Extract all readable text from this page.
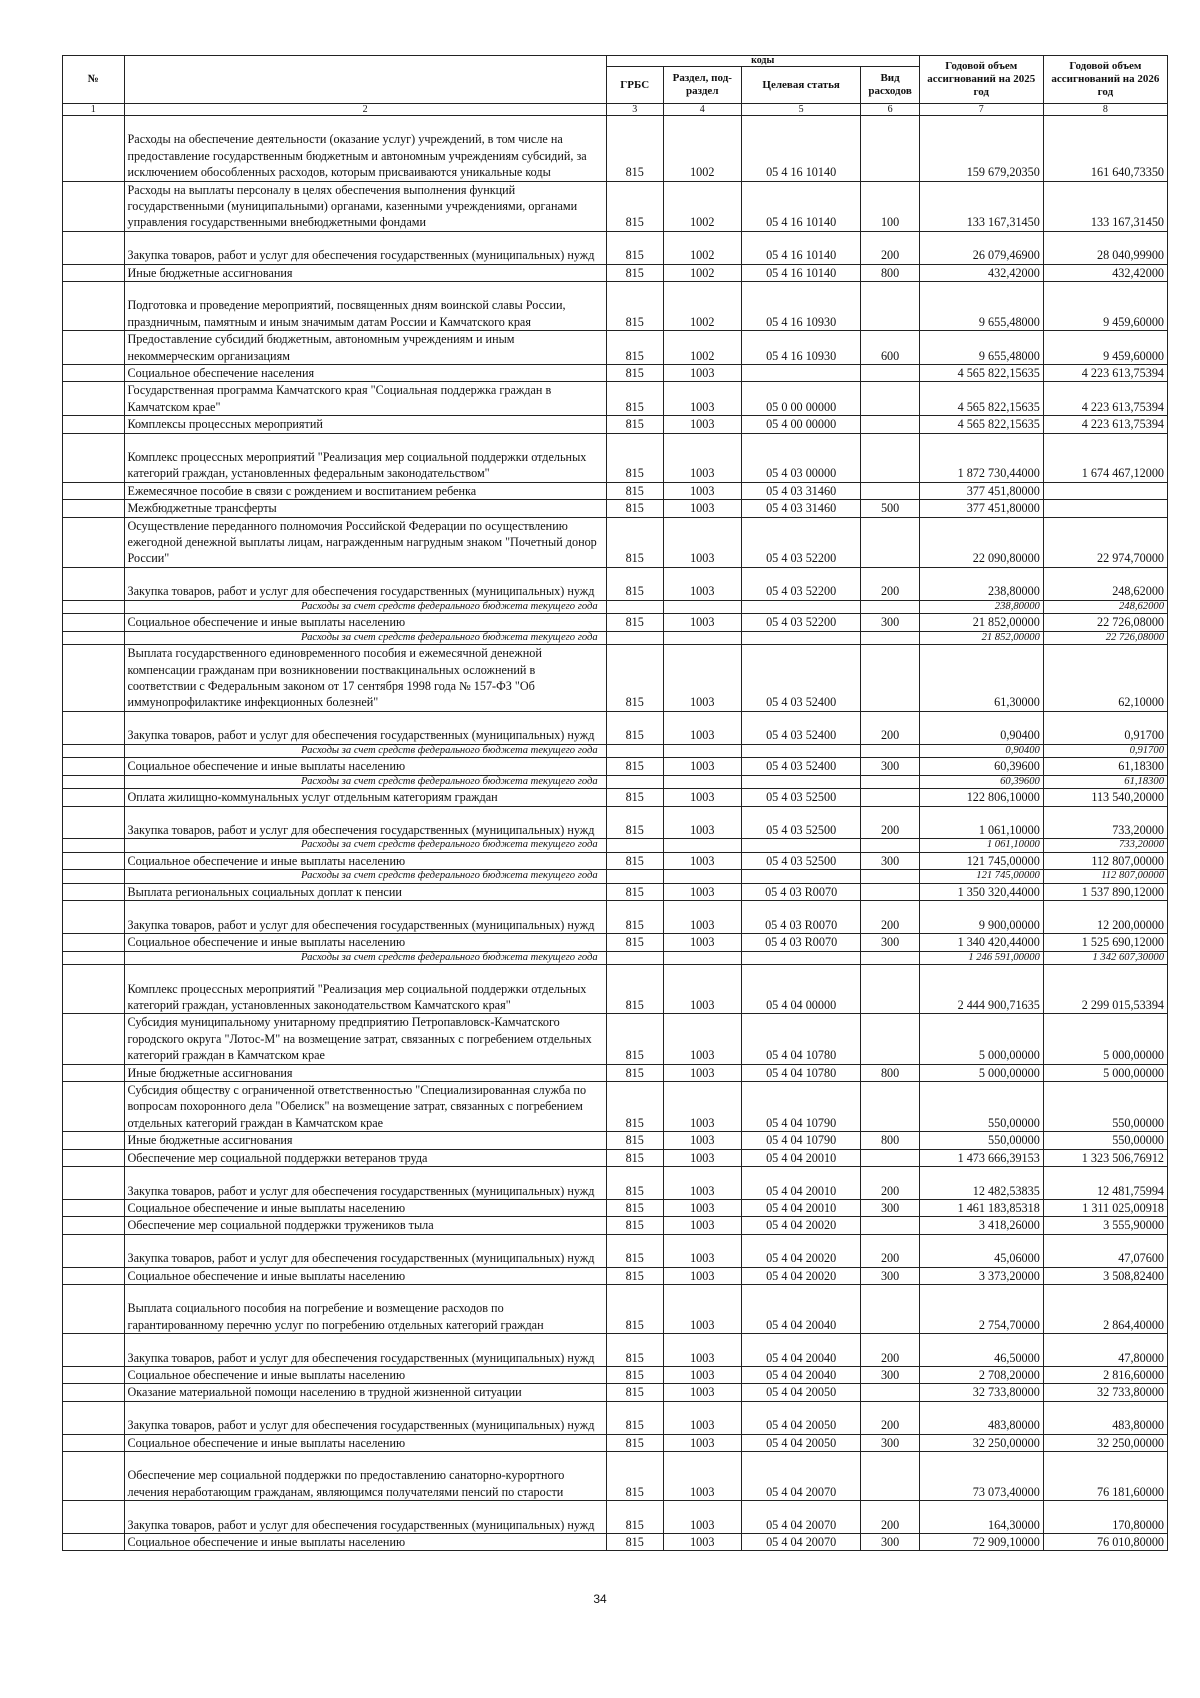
№		коды				Годовой объем ассигнований на 2025 год	Годовой объем ассигнований на 2026 год
		ГРБС	Раздел, под-раздел	Целевая статья	Вид расходов		
1	2	3	4	5	6	7	8
	Расходы на обеспечение деятельности (оказание услуг) учреждений, в том числе на предоставление государственным бюджетным и автономным учреждениям субсидий, за исключением обособленных расходов, которым присваиваются уникальные коды	815	1002	05 4 16 10140		159 679,20350	161 640,73350
	Расходы на выплаты персоналу в целях обеспечения выполнения функций государственными (муниципальными) органами, казенными учреждениями, органами управления государственными внебюджетными фондами	815	1002	05 4 16 10140	100	133 167,31450	133 167,31450
	Закупка товаров, работ и услуг для обеспечения государственных (муниципальных) нужд	815	1002	05 4 16 10140	200	26 079,46900	28 040,99900
	Иные бюджетные ассигнования	815	1002	05 4 16 10140	800	432,42000	432,42000
	Подготовка и проведение мероприятий, посвященных дням воинской славы России, праздничным, памятным и иным значимым датам России и Камчатского края	815	1002	05 4 16 10930		9 655,48000	9 459,60000
	Предоставление субсидий бюджетным, автономным учреждениям и иным некоммерческим организациям	815	1002	05 4 16 10930	600	9 655,48000	9 459,60000
	Социальное обеспечение населения	815	1003			4 565 822,15635	4 223 613,75394
	Государственная программа Камчатского края "Социальная поддержка граждан в Камчатском крае"	815	1003	05 0 00 00000		4 565 822,15635	4 223 613,75394
	Комплексы процессных мероприятий	815	1003	05 4 00 00000		4 565 822,15635	4 223 613,75394
	Комплекс процессных мероприятий "Реализация мер социальной поддержки отдельных категорий граждан, установленных федеральным законодательством"	815	1003	05 4 03 00000		1 872 730,44000	1 674 467,12000
	Ежемесячное пособие в связи с рождением и воспитанием ребенка	815	1003	05 4 03 31460		377 451,80000	
	Межбюджетные трансферты	815	1003	05 4 03 31460	500	377 451,80000	
	Осуществление переданного полномочия Российской Федерации по осуществлению ежегодной денежной выплаты лицам, награжденным нагрудным знаком "Почетный донор России"	815	1003	05 4 03 52200		22 090,80000	22 974,70000
	Закупка товаров, работ и услуг для обеспечения государственных (муниципальных) нужд	815	1003	05 4 03 52200	200	238,80000	248,62000
	Расходы за счет средств федерального бюджета текущего года					238,80000	248,62000
	Социальное обеспечение и иные выплаты населению	815	1003	05 4 03 52200	300	21 852,00000	22 726,08000
	Расходы за счет средств федерального бюджета текущего года					21 852,00000	22 726,08000
	Выплата государственного единовременного пособия и ежемесячной денежной компенсации гражданам при возникновении поствакцинальных осложнений в соответствии с Федеральным законом от 17 сентября 1998 года № 157-ФЗ "Об иммунопрофилактике инфекционных болезней"	815	1003	05 4 03 52400		61,30000	62,10000
	Закупка товаров, работ и услуг для обеспечения государственных (муниципальных) нужд	815	1003	05 4 03 52400	200	0,90400	0,91700
	Расходы за счет средств федерального бюджета текущего года					0,90400	0,91700
	Социальное обеспечение и иные выплаты населению	815	1003	05 4 03 52400	300	60,39600	61,18300
	Расходы за счет средств федерального бюджета текущего года					60,39600	61,18300
	Оплата жилищно-коммунальных услуг отдельным категориям граждан	815	1003	05 4 03 52500		122 806,10000	113 540,20000
	Закупка товаров, работ и услуг для обеспечения государственных (муниципальных) нужд	815	1003	05 4 03 52500	200	1 061,10000	733,20000
	Расходы за счет средств федерального бюджета текущего года					1 061,10000	733,20000
	Социальное обеспечение и иные выплаты населению	815	1003	05 4 03 52500	300	121 745,00000	112 807,00000
	Расходы за счет средств федерального бюджета текущего года					121 745,00000	112 807,00000
	Выплата региональных социальных доплат к пенсии	815	1003	05 4 03 R0070		1 350 320,44000	1 537 890,12000
	Закупка товаров, работ и услуг для обеспечения государственных (муниципальных) нужд	815	1003	05 4 03 R0070	200	9 900,00000	12 200,00000
	Социальное обеспечение и иные выплаты населению	815	1003	05 4 03 R0070	300	1 340 420,44000	1 525 690,12000
	Расходы за счет средств федерального бюджета текущего года					1 246 591,00000	1 342 607,30000
	Комплекс процессных мероприятий "Реализация мер социальной поддержки отдельных категорий граждан, установленных законодательством Камчатского края"	815	1003	05 4 04 00000		2 444 900,71635	2 299 015,53394
	Субсидия муниципальному унитарному предприятию Петропавловск-Камчатского городского округа "Лотос-М" на возмещение затрат, связанных с погребением отдельных категорий граждан в Камчатском крае	815	1003	05 4 04 10780		5 000,00000	5 000,00000
	Иные бюджетные ассигнования	815	1003	05 4 04 10780	800	5 000,00000	5 000,00000
	Субсидия обществу с ограниченной ответственностью "Специализированная служба по вопросам похоронного дела "Обелиск" на возмещение затрат, связанных с погребением отдельных категорий граждан в Камчатском крае	815	1003	05 4 04 10790		550,00000	550,00000
	Иные бюджетные ассигнования	815	1003	05 4 04 10790	800	550,00000	550,00000
	Обеспечение мер социальной поддержки ветеранов труда	815	1003	05 4 04 20010		1 473 666,39153	1 323 506,76912
	Закупка товаров, работ и услуг для обеспечения государственных (муниципальных) нужд	815	1003	05 4 04 20010	200	12 482,53835	12 481,75994
	Социальное обеспечение и иные выплаты населению	815	1003	05 4 04 20010	300	1 461 183,85318	1 311 025,00918
	Обеспечение мер социальной поддержки тружеников тыла	815	1003	05 4 04 20020		3 418,26000	3 555,90000
	Закупка товаров, работ и услуг для обеспечения государственных (муниципальных) нужд	815	1003	05 4 04 20020	200	45,06000	47,07600
	Социальное обеспечение и иные выплаты населению	815	1003	05 4 04 20020	300	3 373,20000	3 508,82400
	Выплата социального пособия на погребение и возмещение расходов по гарантированному перечню услуг по погребению отдельных категорий граждан	815	1003	05 4 04 20040		2 754,70000	2 864,40000
	Закупка товаров, работ и услуг для обеспечения государственных (муниципальных) нужд	815	1003	05 4 04 20040	200	46,50000	47,80000
	Социальное обеспечение и иные выплаты населению	815	1003	05 4 04 20040	300	2 708,20000	2 816,60000
	Оказание материальной помощи населению в трудной жизненной ситуации	815	1003	05 4 04 20050		32 733,80000	32 733,80000
	Закупка товаров, работ и услуг для обеспечения государственных (муниципальных) нужд	815	1003	05 4 04 20050	200	483,80000	483,80000
	Социальное обеспечение и иные выплаты населению	815	1003	05 4 04 20050	300	32 250,00000	32 250,00000
	Обеспечение мер социальной поддержки по предоставлению санаторно-курортного лечения неработающим гражданам, являющимся получателями пенсий по старости	815	1003	05 4 04 20070		73 073,40000	76 181,60000
	Закупка товаров, работ и услуг для обеспечения государственных (муниципальных) нужд	815	1003	05 4 04 20070	200	164,30000	170,80000
	Социальное обеспечение и иные выплаты населению	815	1003	05 4 04 20070	300	72 909,10000	76 010,80000
34
